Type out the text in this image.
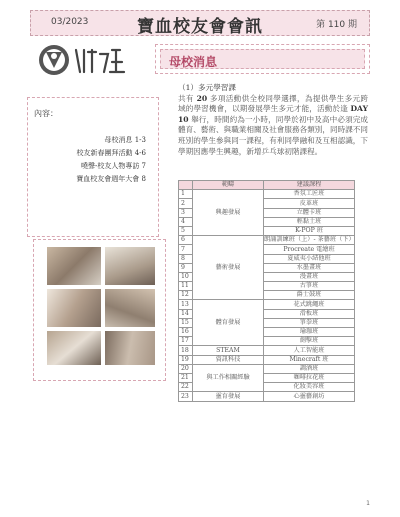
03/2023	寶血校友會會訊	第 110 期
母校消息
內容：
母校消息 1-3
校友新春團拜活動 4-6
嘵聲-校友人物專訪 7
寶血校友會週年大會 8
（1）多元學習課

共有 20 多項活動供全校同學選擇，為提供學生多元跨域的學習機會，以期發展學生多元才能，活動於逢 DAY 10 舉行，時間約為一小時，同學於初中及高中必須完成體育、藝術、與職業相關及社會服務各類別，同時課不同班別的學生參與同一課程，有利同學融和及互相認識，下學期因應學生興趣，新增乒乓球初階課程。

	範疇	建議課程
1	興趣發展	香氛工匠班
2		皮革班
3		立體卡班
4		輕黏土班
5		K-POP 班
6	藝術發展	朗誦訓練班（上）- 茶藝班（下）
7		Procreate 電繪班
8		夏威夷小結他班
9		水墨畫班
10		漫畫班
11		古箏班
12		爵士鼓班
13	體育發展	花式跳繩班
14		滑板班
15		箏拳班
16		瑜珈班
17		劍擊班
18	STEAM	人工智能班
19	資訊科技	Minecraft 班
20	與工作相關經驗	調酒班
21		咖啡拉花班
22		化妝美容班
23	靈育發展	心靈藝創坊
1
